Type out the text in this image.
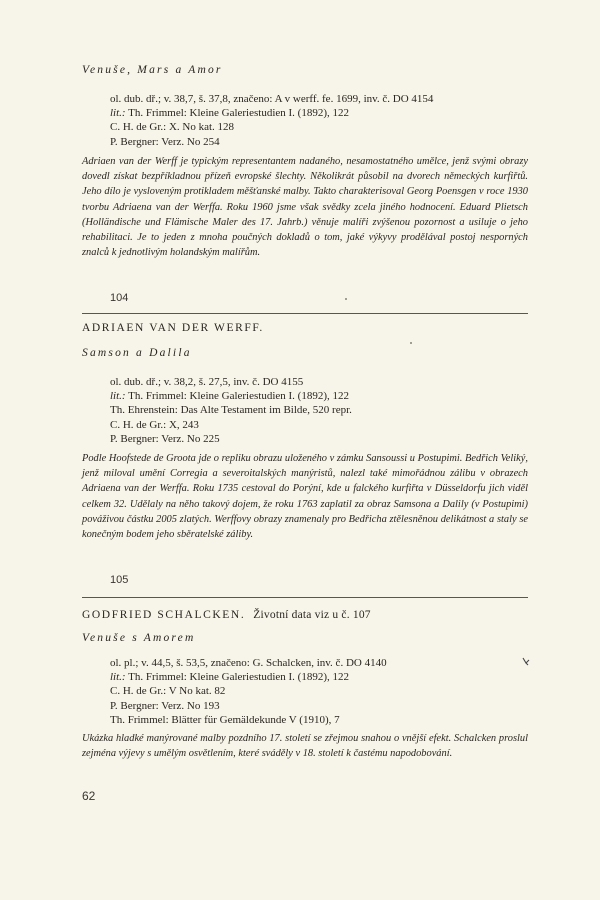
Venuše, Mars a Amor
ol. dub. dř.; v. 38,7, š. 37,8, značeno: A v werff. fe. 1699, inv. č. DO 4154
lit.: Th. Frimmel: Kleine Galeriestudien I. (1892), 122
C. H. de Gr.: X. No kat. 128
P. Bergner: Verz. No 254
Adriaen van der Werff je typickým representantem nadaného, nesamostatného umělce, jenž svými obrazy dovedl získat bezpříkladnou přízeň evropské šlechty. Několikrát působil na dvorech německých kurfiřtů. Jeho dílo je vysloveným protikladem měšťanské malby. Takto charakterisoval Georg Poensgen v roce 1930 tvorbu Adriaena van der Werffa. Roku 1960 jsme však svědky zcela jiného hodnocení. Eduard Plietsch (Holländische und Flämische Maler des 17. Jahrb.) věnuje malíři zvýšenou pozornost a usiluje o jeho rehabilitaci. Je to jeden z mnoha poučných dokladů o tom, jaké výkyvy prodělával postoj nesporných znalců k jednotlivým holandským malířům.
104
ADRIAEN VAN DER WERFF.
Samson a Dalila
ol. dub. dř.; v. 38,2, š. 27,5, inv. č. DO 4155
lit.: Th. Frimmel: Kleine Galeriestudien I. (1892), 122
Th. Ehrenstein: Das Alte Testament im Bilde, 520 repr.
C. H. de Gr.: X, 243
P. Bergner: Verz. No 225
Podle Hoofstede de Groota jde o repliku obrazu uloženého v zámku Sansoussi u Postupimi. Bedřich Veliký, jenž miloval umění Corregia a severoitalských manýristů, nalezl také mimořádnou zálibu v obrazech Adriaena van der Werffa. Roku 1735 cestoval do Porýní, kde u falckého kurfiřta v Düsseldorfu jich viděl celkem 32. Udělaly na něho takový dojem, že roku 1763 zaplatil za obraz Samsona a Dalily (v Postupimi) pováživou částku 2005 zlatých. Werffovy obrazy znamenaly pro Bedřicha ztělesněnou delikátnost a staly se konečným bodem jeho sběratelské záliby.
105
GODFRIED SCHALCKEN. Životní data viz u č. 107
Venuše s Amorem
ol. pl.; v. 44,5, š. 53,5, značeno: G. Schalcken, inv. č. DO 4140
lit.: Th. Frimmel: Kleine Galeriestudien I. (1892), 122
C. H. de Gr.: V No kat. 82
P. Bergner: Verz. No 193
Th. Frimmel: Blätter für Gemäldekunde V (1910), 7
Ukázka hladké manýrované malby pozdního 17. století se zřejmou snahou o vnější efekt. Schalcken proslul zejména výjevy s umělým osvětlením, které sváděly v 18. století k častému napodobování.
62
